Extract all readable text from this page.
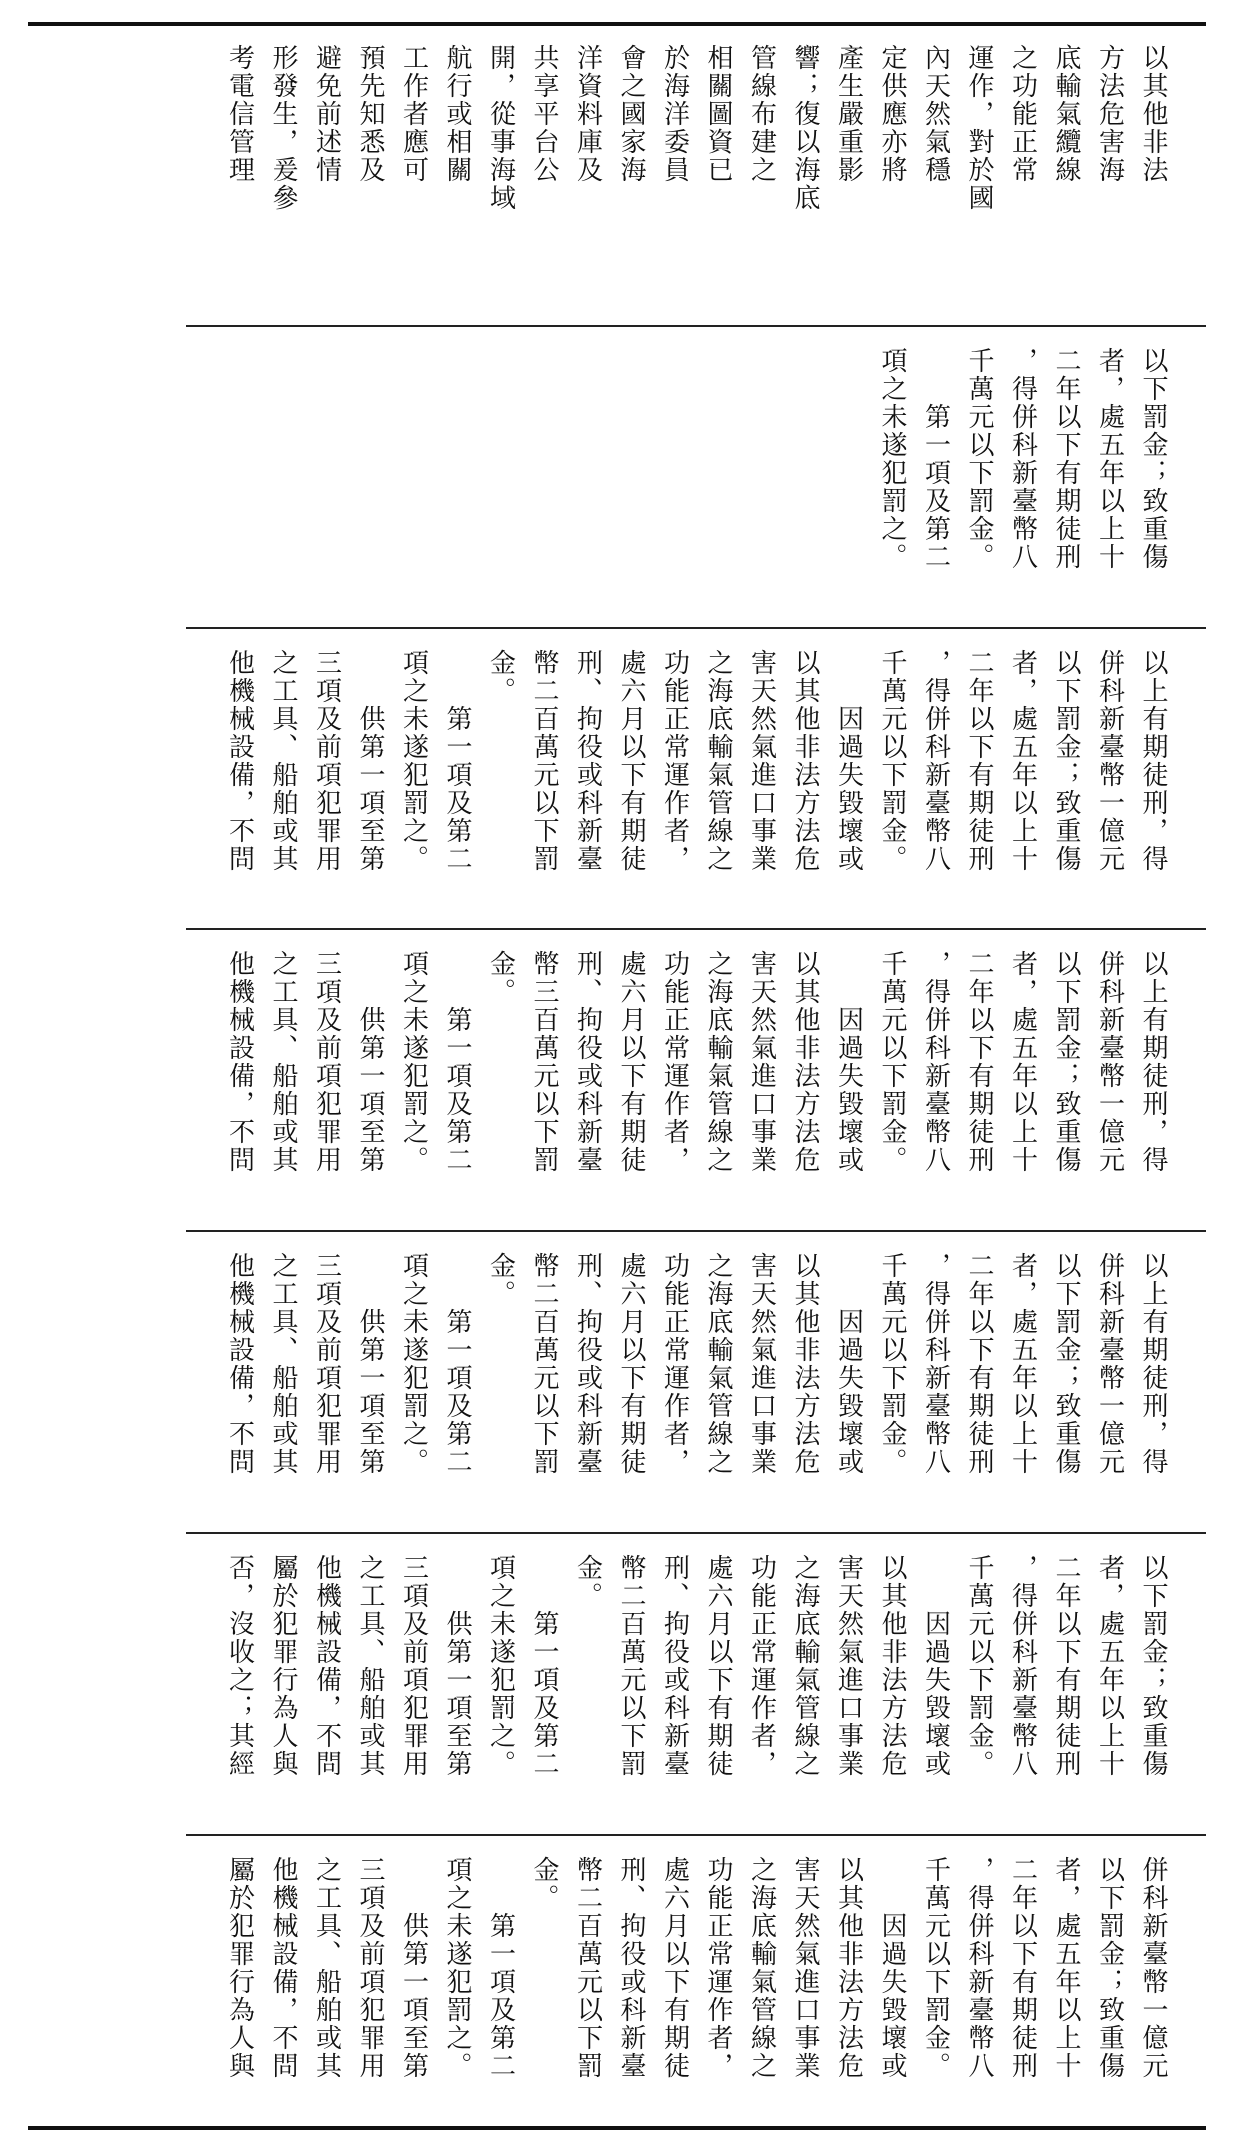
以其他非法
方法危害海
底輸氣纜線
之功能正常
運作，對於國
內天然氣穩
定供應亦將
產生嚴重影
響；復以海底
管線布建之
相關圖資已
於海洋委員
會之國家海
洋資料庫及
共享平台公
開，從事海域
航行或相關
工作者應可
預先知悉及
避免前述情
形發生，爰參
考電信管理
以下罰金；致重傷
者，處五年以上十
二年以下有期徒刑
，得併科新臺幣八
千萬元以下罰金。
　　第一項及第二
項之未遂犯罰之。
以上有期徒刑，得
併科新臺幣一億元
以下罰金；致重傷
者，處五年以上十
二年以下有期徒刑
，得併科新臺幣八
千萬元以下罰金。
　　因過失毀壞或
以其他非法方法危
害天然氣進口事業
之海底輸氣管線之
功能正常運作者，
處六月以下有期徒
刑、拘役或科新臺
幣二百萬元以下罰
金。
　　第一項及第二
項之未遂犯罰之。
　　供第一項至第
三項及前項犯罪用
之工具、船舶或其
他機械設備，不問
以上有期徒刑，得
併科新臺幣一億元
以下罰金；致重傷
者，處五年以上十
二年以下有期徒刑
，得併科新臺幣八
千萬元以下罰金。
　　因過失毀壞或
以其他非法方法危
害天然氣進口事業
之海底輸氣管線之
功能正常運作者，
處六月以下有期徒
刑、拘役或科新臺
幣三百萬元以下罰
金。
　　第一項及第二
項之未遂犯罰之。
　　供第一項至第
三項及前項犯罪用
之工具、船舶或其
他機械設備，不問
以上有期徒刑，得
併科新臺幣一億元
以下罰金；致重傷
者，處五年以上十
二年以下有期徒刑
，得併科新臺幣八
千萬元以下罰金。
　　因過失毀壞或
以其他非法方法危
害天然氣進口事業
之海底輸氣管線之
功能正常運作者，
處六月以下有期徒
刑、拘役或科新臺
幣二百萬元以下罰
金。
　　第一項及第二
項之未遂犯罰之。
　　供第一項至第
三項及前項犯罪用
之工具、船舶或其
他機械設備，不問
以下罰金；致重傷
者，處五年以上十
二年以下有期徒刑
，得併科新臺幣八
千萬元以下罰金。
　　因過失毀壞或
以其他非法方法危
害天然氣進口事業
之海底輸氣管線之
功能正常運作者，
處六月以下有期徒
刑、拘役或科新臺
幣二百萬元以下罰
金。
　　第一項及第二
項之未遂犯罰之。
　　供第一項至第
三項及前項犯罪用
之工具、船舶或其
他機械設備，不問
屬於犯罪行為人與
否，沒收之；其經
併科新臺幣一億元
以下罰金；致重傷
者，處五年以上十
二年以下有期徒刑
，得併科新臺幣八
千萬元以下罰金。
　　因過失毀壞或
以其他非法方法危
害天然氣進口事業
之海底輸氣管線之
功能正常運作者，
處六月以下有期徒
刑、拘役或科新臺
幣二百萬元以下罰
金。
　　第一項及第二
項之未遂犯罰之。
　　供第一項至第
三項及前項犯罪用
之工具、船舶或其
他機械設備，不問
屬於犯罪行為人與
